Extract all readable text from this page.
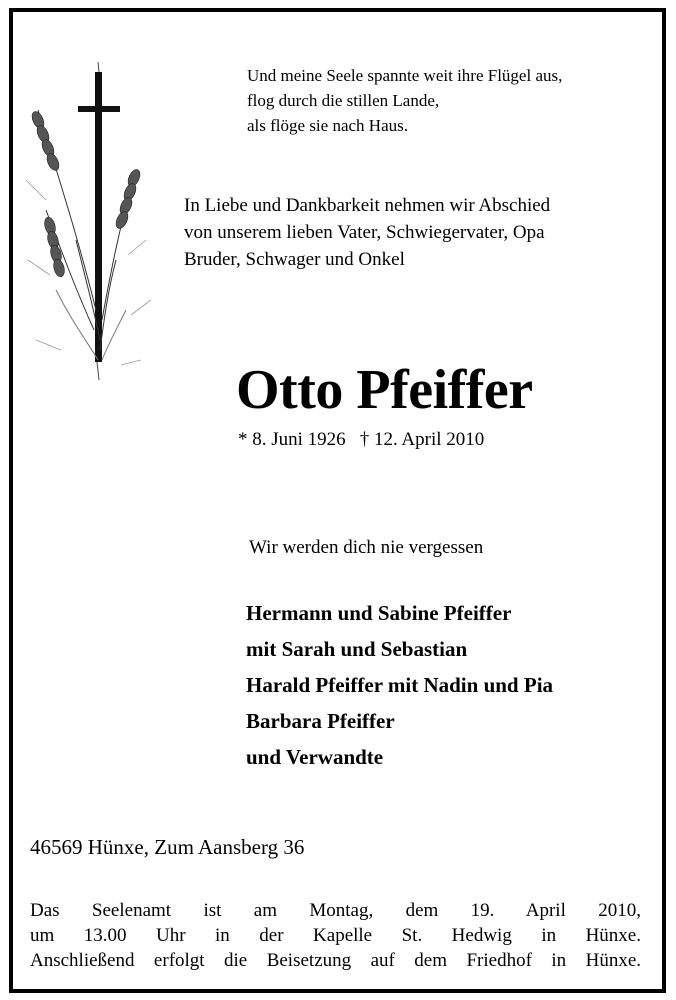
Und meine Seele spannte weit ihre Flügel aus,
flog durch die stillen Lande,
als flöge sie nach Haus.
In Liebe und Dankbarkeit nehmen wir Abschied
von unserem lieben Vater, Schwiegervater, Opa
Bruder, Schwager und Onkel
Otto Pfeiffer
* 8. Juni 1926 † 12. April 2010
Wir werden dich nie vergessen
Hermann und Sabine Pfeiffer
mit Sarah und Sebastian
Harald Pfeiffer mit Nadin und Pia
Barbara Pfeiffer
und Verwandte
46569 Hünxe, Zum Aansberg 36
Das Seelenamt ist am Montag, dem 19. April 2010,
um 13.00 Uhr in der Kapelle St. Hedwig in Hünxe.
Anschließend erfolgt die Beisetzung auf dem Friedhof in Hünxe.
